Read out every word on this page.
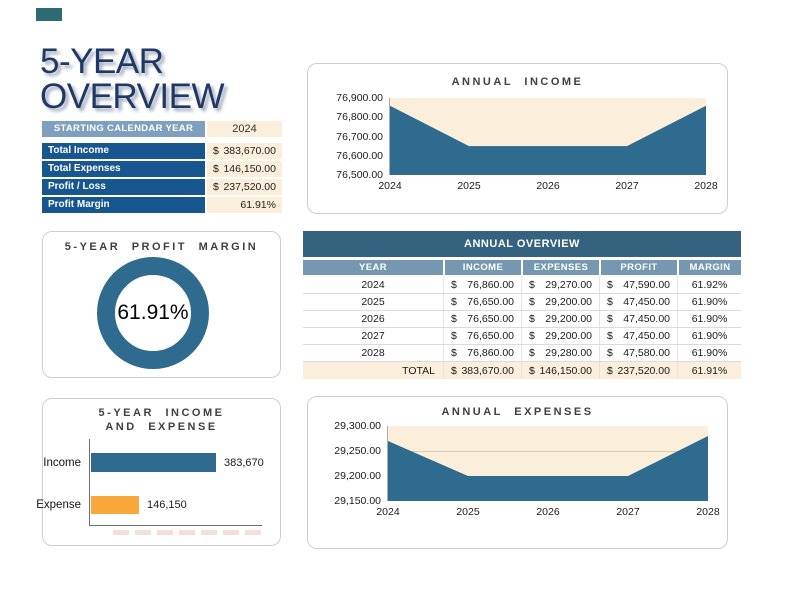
5-YEAR
OVERVIEW
STARTING CALENDAR YEAR	2024
Total Income	$ 383,670.00
Total Expenses	$ 146,150.00
Profit / Loss	$ 237,520.00
Profit Margin	61.91%
ANNUAL INCOME
76,900.00
76,800.00
76,700.00
76,600.00
76,500.00
2024	2025	2026	2027	2028
ANNUAL OVERVIEW
YEAR	INCOME	EXPENSES	PROFIT	MARGIN
2024	$ 76,860.00 $ 29,270.00 $ 47,590.00	61.92%
2025	$ 76,650.00 $ 29,200.00 $ 47,450.00	61.90%
2026	$ 76,650.00 $ 29,200.00 $ 47,450.00	61.90%
2027	$ 76,650.00 $ 29,200.00 $ 47,450.00	61.90%
2028	$ 76,860.00 $ 29,280.00 $ 47,580.00	61.90%
TOTAL	$ 383,670.00 $ 146,150.00 $ 237,520.00	61.91%
5-YEAR PROFIT MARGIN
61.91%
5-YEAR INCOME
AND EXPENSE
Income	383,670
Expense	146,150
ANNUAL EXPENSES
29,300.00
29,250.00
29,200.00
29,150.00
2024	2025	2026	2027	2028
